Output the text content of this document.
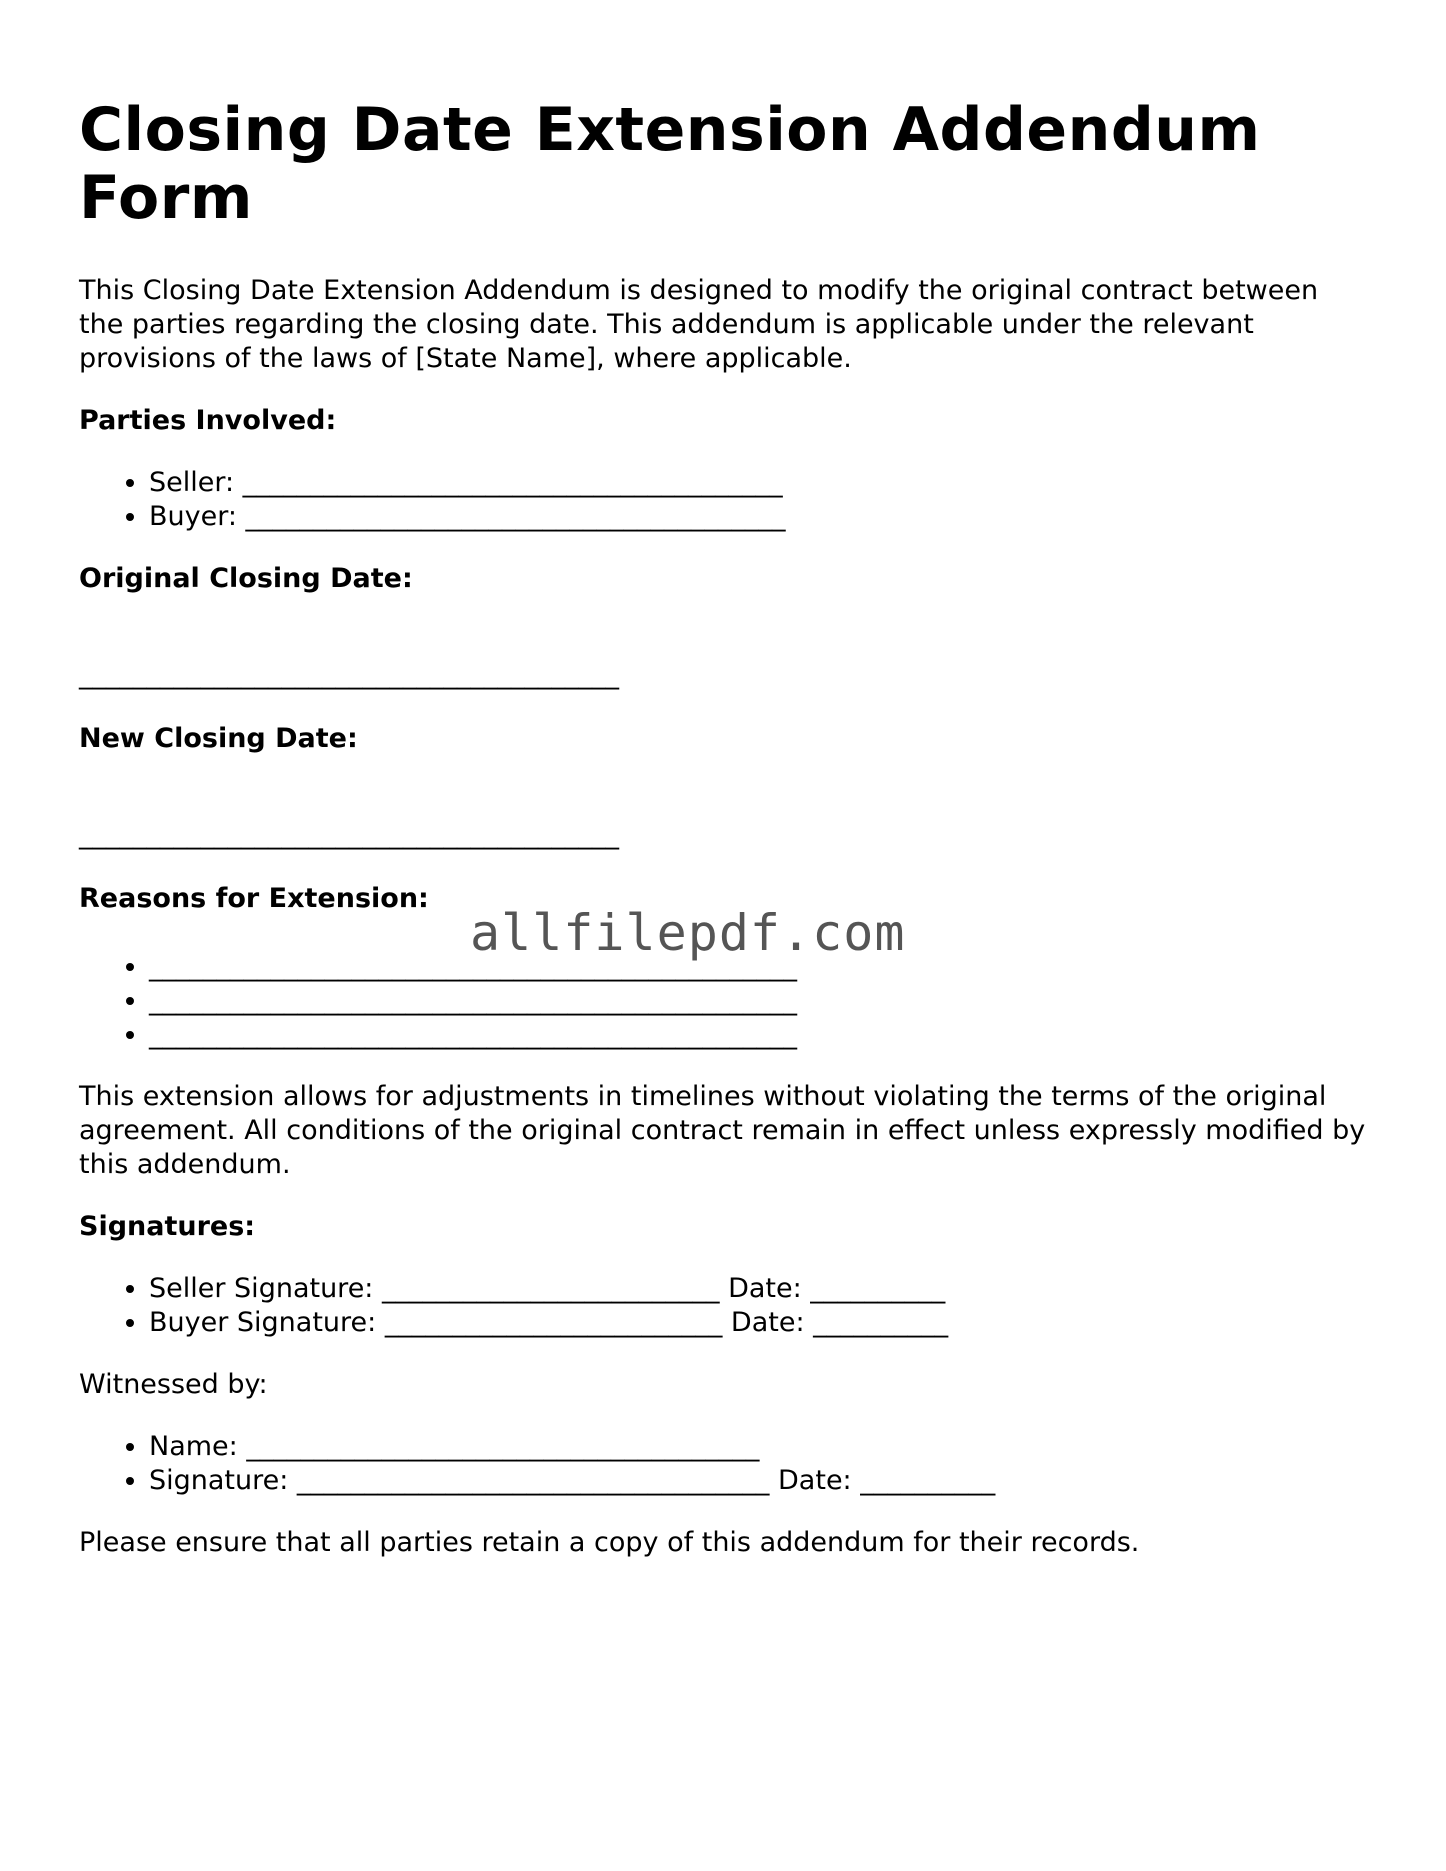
Closing Date Extension Addendum Form

This Closing Date Extension Addendum is designed to modify the original contract between the parties regarding the closing date. This addendum is applicable under the relevant provisions of the laws of [State Name], where applicable.

Parties Involved:
• Seller: ________________________________________
• Buyer: ________________________________________
Original Closing Date:
________________________________________
New Closing Date:
________________________________________
Reasons for Extension:
• ________________________________________________
• ________________________________________________
• ________________________________________________

This extension allows for adjustments in timelines without violating the terms of the original agreement. All conditions of the original contract remain in effect unless expressly modified by this addendum.

Signatures:
• Seller Signature: _________________________ Date: __________
• Buyer Signature: _________________________ Date: __________
Witnessed by:
• Name: ______________________________________
• Signature: ___________________________________ Date: __________

Please ensure that all parties retain a copy of this addendum for their records.

allfilepdf.com
